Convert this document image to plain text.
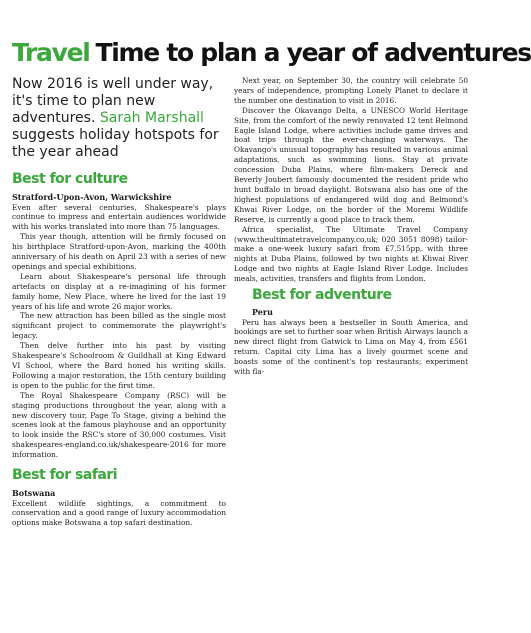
Travel Time to plan a year of adventures

Now 2016 is well under way, it's time to plan new adventures. Sarah Marshall suggests holiday hotspots for the year ahead

Best for culture

Stratford-Upon-Avon, Warwickshire

Even after several centuries, Shakespeare's plays continue to impress and entertain audiences worldwide with his works translated into more than 75 languages.

This year though, attention will be firmly focused on his birthplace Stratford-upon-Avon, marking the 400th anniversary of his death on April 23 with a series of new openings and special exhibitions.

Learn about Shakespeare's personal life through artefacts on display at a re-imagining of his former family home, New Place, where he lived for the last 19 years of his life and wrote 26 major works.

The new attraction has been billed as the single most significant project to commemorate the playwright's legacy.

Then delve further into his past by visiting Shakespeare's Schoolroom & Guildhall at King Edward VI School, where the Bard honed his writing skills. Following a major restoration, the 15th century building is open to the public for the first time.

The Royal Shakespeare Company (RSC) will be staging productions throughout the year, along with a new discovery tour, Page To Stage, giving a behind the scenes look at the famous playhouse and an opportunity to look inside the RSC's store of 30,000 costumes. Visit shakespeares-england.co.uk/shakespeare-2016 for more information.

Best for safari

Botswana

Excellent wildlife sightings, a commitment to conservation and a good range of luxury accommodation options make Botswana a top safari destination.

Next year, on September 30, the country will celebrate 50 years of independence, prompting Lonely Planet to declare it the number one destination to visit in 2016.

Discover the Okavango Delta, a UNESCO World Heritage Site, from the comfort of the newly renovated 12 tent Belmond Eagle Island Lodge, where activities include game drives and boat trips through the ever-changing waterways. The Okavango's unusual topography has resulted in various animal adaptations, such as swimming lions. Stay at private concession Duba Plains, where film-makers Dereck and Beverly Joubert famously documented the resident pride who hunt buffalo in broad daylight. Botswana also has one of the highest populations of endangered wild dog and Belmond's Khwai River Lodge, on the border of the Moremi Wildlife Reserve, is currently a good place to track them.

Africa specialist, The Ultimate Travel Company (www.theultimatetravelcompany.co.uk; 020 3051 8098) tailor-make a one-week luxury safari from £7,515pp, with three nights at Duba Plains, followed by two nights at Khwai River Lodge and two nights at Eagle Island River Lodge. Includes meals, activities, transfers and flights from London.

Best for adventure

Peru

Peru has always been a bestseller in South America, and bookings are set to further soar when British Airways launch a new direct flight from Gatwick to Lima on May 4, from £561 return. Capital city Lima has a lively gourmet scene and boasts some of the continent's top restaurants; experiment with fla-
